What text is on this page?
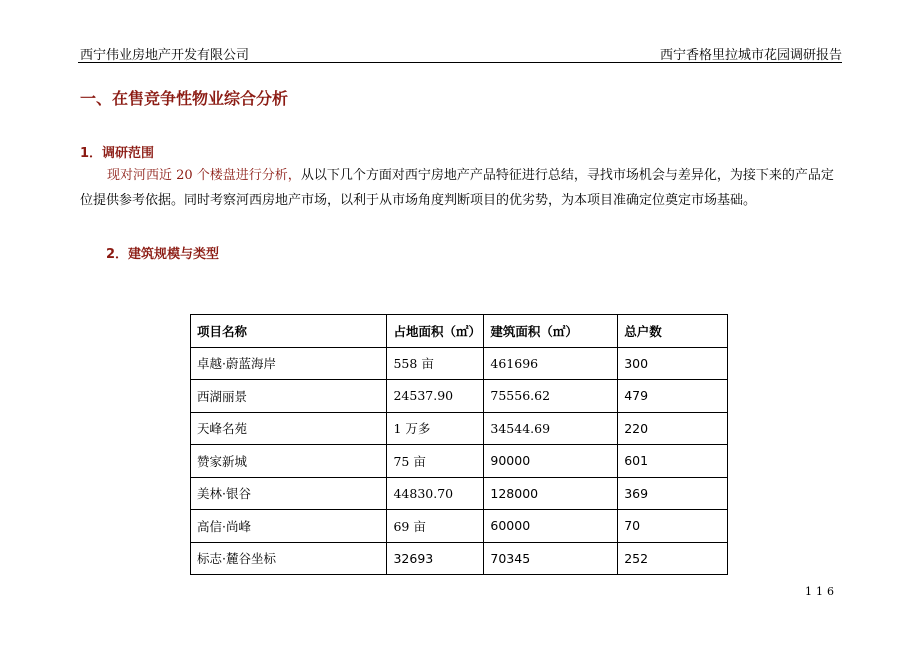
西宁伟业房地产开发有限公司	西宁香格里拉城市花园调研报告
一、在售竞争性物业综合分析
1．调研范围

现对河西近 20 个楼盘进行分析，从以下几个方面对西宁房地产产品特征进行总结，寻找市场机会与差异化，为接下来的产品定位提供参考依据。同时考察河西房地产市场，以利于从市场角度判断项目的优劣势，为本项目准确定位奠定市场基础。

2．建筑规模与类型
项目名称	占地面积（㎡）	建筑面积（㎡）	总户数
卓越·蔚蓝海岸	558 亩	461696	300
西湖丽景	24537.90	75556.62	479
天峰名苑	1 万多	34544.69	220
赞家新城	75 亩	90000	601
美林·银谷	44830.70	128000	369
高信·尚峰	69 亩	60000	70
标志·麓谷坐标	32693	70345	252
116
